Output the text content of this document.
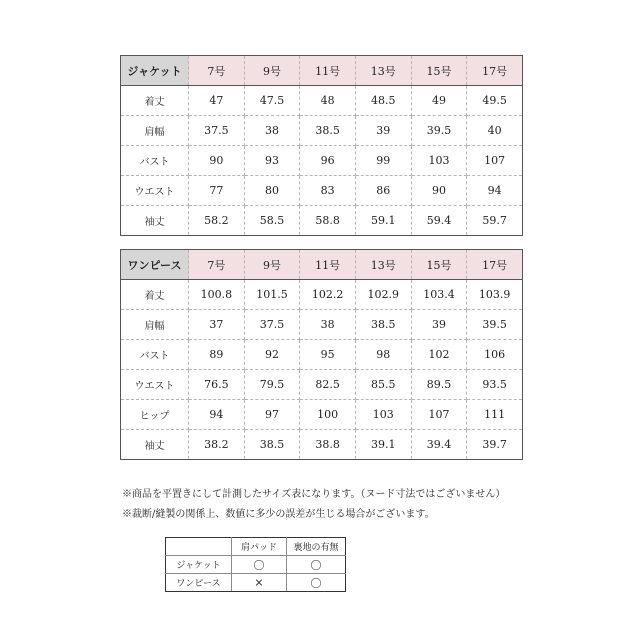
ジャケット	7号	9号	11号	13号	15号	17号
着丈	47	47.5	48	48.5	49	49.5
肩幅	37.5	38	38.5	39	39.5	40
バスト	90	93	96	99	103	107
ウエスト	77	80	83	86	90	94
袖丈	58.2	58.5	58.8	59.1	59.4	59.7
ワンピース	7号	9号	11号	13号	15号	17号
着丈	100.8	101.5	102.2	102.9	103.4	103.9
肩幅	37	37.5	38	38.5	39	39.5
バスト	89	92	95	98	102	106
ウエスト	76.5	79.5	82.5	85.5	89.5	93.5
ヒップ	94	97	100	103	107	111
袖丈	38.2	38.5	38.8	39.1	39.4	39.7
※商品を平置きにして計測したサイズ表になります。（ヌード寸法ではございません）
※裁断/縫製の関係上、数値に多少の誤差が生じる場合がございます。
	肩パッド	裏地の有無
ジャケット	〇	〇
ワンピース	×	〇
